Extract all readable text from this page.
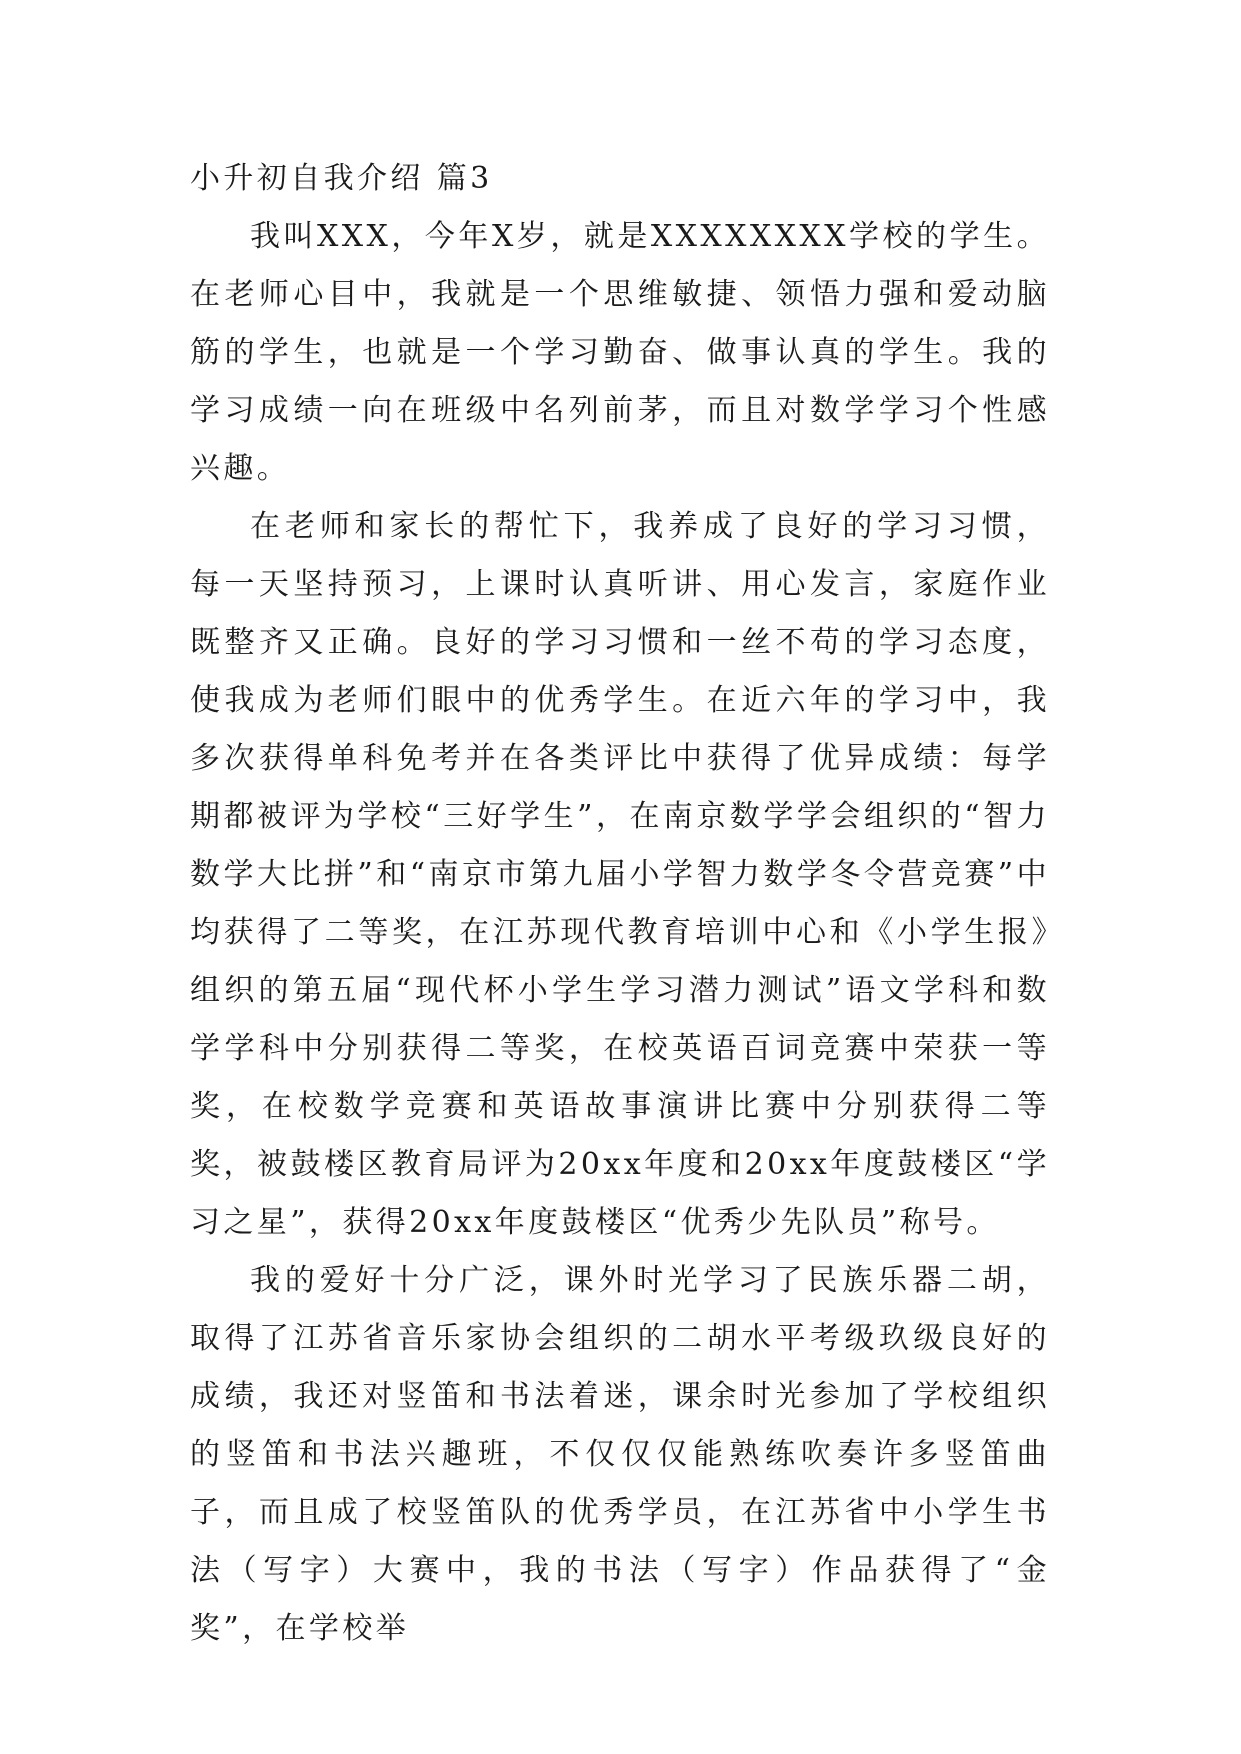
小升初自我介绍 篇3

我叫XXX，今年X岁，就是XXXXXXXX学校的学生。在老师心目中，我就是一个思维敏捷、领悟力强和爱动脑筋的学生，也就是一个学习勤奋、做事认真的学生。我的学习成绩一向在班级中名列前茅，而且对数学学习个性感兴趣。

在老师和家长的帮忙下，我养成了良好的学习习惯，每一天坚持预习，上课时认真听讲、用心发言，家庭作业既整齐又正确。良好的学习习惯和一丝不苟的学习态度，使我成为老师们眼中的优秀学生。在近六年的学习中，我多次获得单科免考并在各类评比中获得了优异成绩：每学期都被评为学校“三好学生”，在南京数学学会组织的“智力数学大比拼”和“南京市第九届小学智力数学冬令营竞赛”中均获得了二等奖，在江苏现代教育培训中心和《小学生报》组织的第五届“现代杯小学生学习潜力测试”语文学科和数学学科中分别获得二等奖，在校英语百词竞赛中荣获一等奖，在校数学竞赛和英语故事演讲比赛中分别获得二等奖，被鼓楼区教育局评为20xx年度和20xx年度鼓楼区“学习之星”，获得20xx年度鼓楼区“优秀少先队员”称号。

我的爱好十分广泛，课外时光学习了民族乐器二胡，取得了江苏省音乐家协会组织的二胡水平考级玖级良好的成绩，我还对竖笛和书法着迷，课余时光参加了学校组织的竖笛和书法兴趣班，不仅仅仅能熟练吹奏许多竖笛曲子，而且成了校竖笛队的优秀学员，在江苏省中小学生书法（写字）大赛中，我的书法（写字）作品获得了“金奖”，在学校举
